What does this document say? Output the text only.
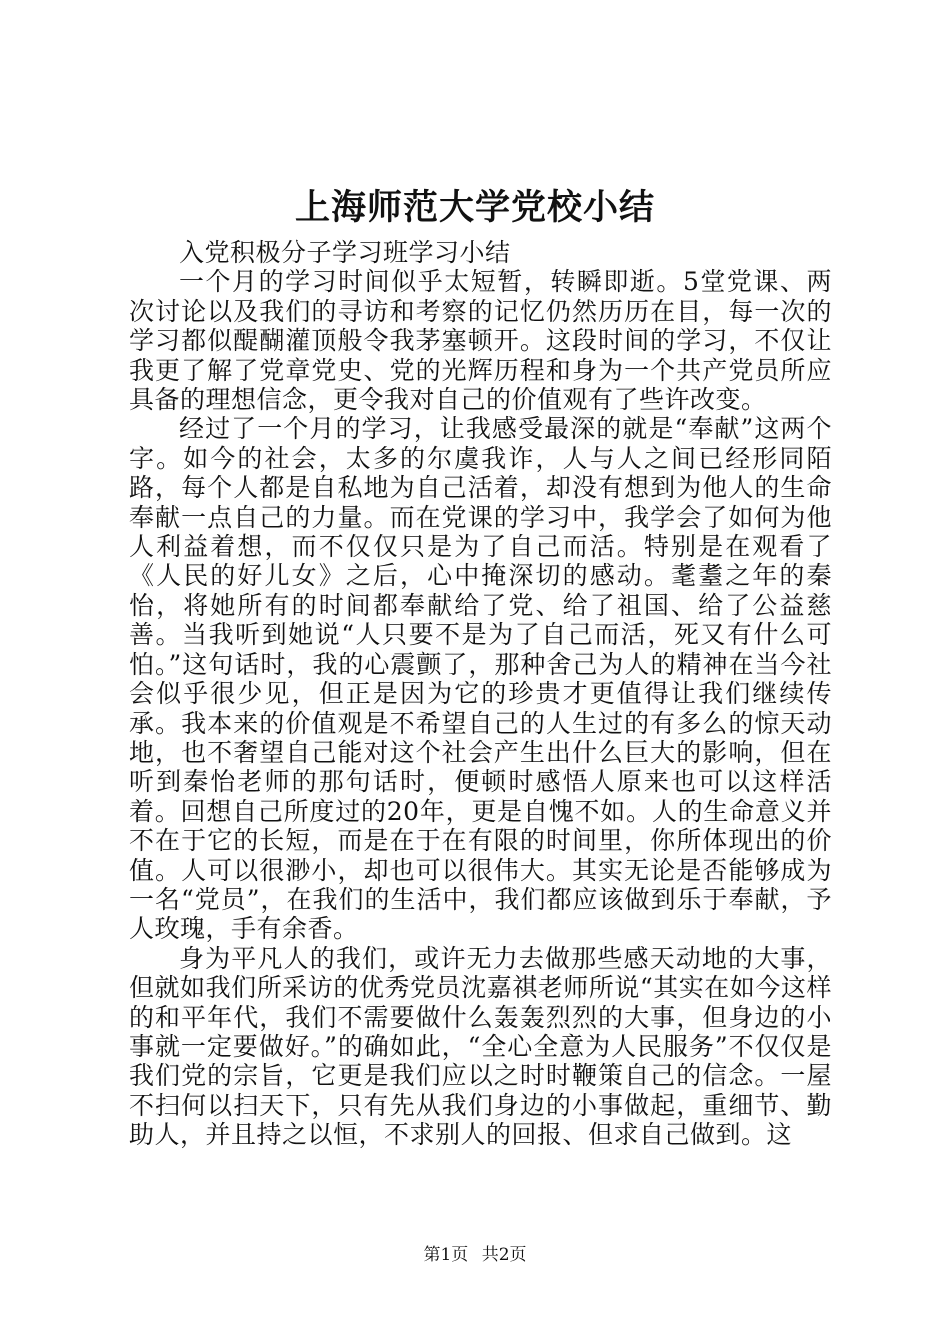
上海师范大学党校小结

入党积极分子学习班学习小结

一个月的学习时间似乎太短暂，转瞬即逝。5堂党课、两次讨论以及我们的寻访和考察的记忆仍然历历在目，每一次的学习都似醍醐灌顶般令我茅塞顿开。这段时间的学习，不仅让我更了解了党章党史、党的光辉历程和身为一个共产党员所应具备的理想信念，更令我对自己的价值观有了些许改变。

经过了一个月的学习，让我感受最深的就是“奉献”这两个字。如今的社会，太多的尔虞我诈，人与人之间已经形同陌路，每个人都是自私地为自己活着，却没有想到为他人的生命奉献一点自己的力量。而在党课的学习中，我学会了如何为他人利益着想，而不仅仅只是为了自己而活。特别是在观看了《人民的好儿女》之后，心中掩深切的感动。耄耋之年的秦怡，将她所有的时间都奉献给了党、给了祖国、给了公益慈善。当我听到她说“人只要不是为了自己而活，死又有什么可怕。”这句话时，我的心震颤了，那种舍己为人的精神在当今社会似乎很少见，但正是因为它的珍贵才更值得让我们继续传承。我本来的价值观是不希望自己的人生过的有多么的惊天动地，也不奢望自己能对这个社会产生出什么巨大的影响，但在听到秦怡老师的那句话时，便顿时感悟人原来也可以这样活着。回想自己所度过的20年，更是自愧不如。人的生命意义并不在于它的长短，而是在于在有限的时间里，你所体现出的价值。人可以很渺小，却也可以很伟大。其实无论是否能够成为一名“党员”，在我们的生活中，我们都应该做到乐于奉献，予人玫瑰，手有余香。

身为平凡人的我们，或许无力去做那些感天动地的大事，但就如我们所采访的优秀党员沈嘉祺老师所说“其实在如今这样的和平年代，我们不需要做什么轰轰烈烈的大事，但身边的小事就一定要做好。”的确如此，“全心全意为人民服务”不仅仅是我们党的宗旨，它更是我们应以之时时鞭策自己的信念。一屋不扫何以扫天下，只有先从我们身边的小事做起，重细节、勤助人，并且持之以恒，不求别人的回报、但求自己做到。这

第1页 共2页
